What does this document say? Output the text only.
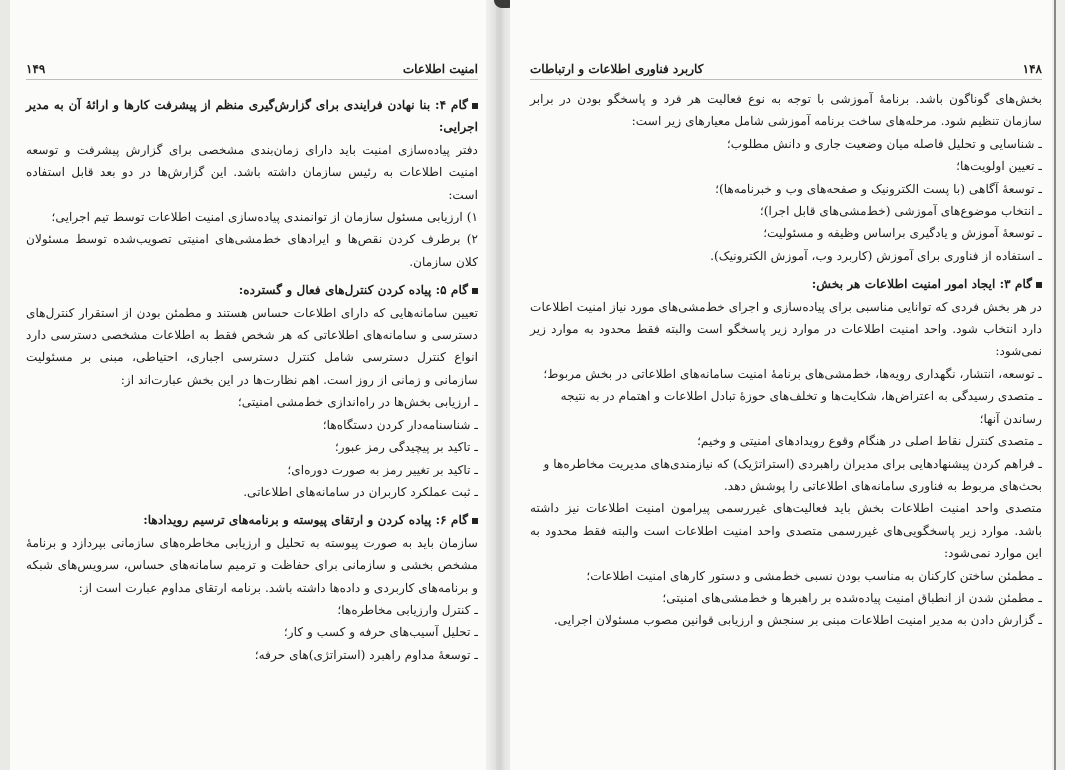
امنیت اطلاعات
۱۴۹

گام ۴: بنا نهادن فرایندی برای گزارش‌گیری منظم از پیشرفت کارها و ارائهٔ آن به مدیر اجرایی:

دفتر پیاده‌سازی امنیت باید دارای زمان‌بندی مشخصی برای گزارش پیشرفت و توسعه امنیت اطلاعات به رئیس سازمان داشته باشد. این گزارش‌ها در دو بعد قابل استفاده است:

۱) ارزیابی مسئول سازمان از توانمندی پیاده‌سازی امنیت اطلاعات توسط تیم اجرایی؛

۲) برطرف کردن نقص‌ها و ایرادهای خط‌مشی‌های امنیتی تصویب‌شده توسط مسئولان کلان سازمان.

گام ۵: پیاده کردن کنترل‌های فعال و گسترده:

تعیین سامانه‌هایی که دارای اطلاعات حساس هستند و مطمئن بودن از استقرار کنترل‌های دسترسی و سامانه‌های اطلاعاتی که هر شخص فقط به اطلاعات مشخصی دسترسی دارد انواع کنترل دسترسی شامل کنترل دسترسی اجباری، احتیاطی، مبنی بر مسئولیت سازمانی و زمانی از روز است. اهم نظارت‌ها در این بخش عبارت‌اند از:

ـ ارزیابی بخش‌ها در راه‌اندازی خط‌مشی امنیتی؛

ـ شناسنامه‌دار کردن دستگاه‌ها؛

ـ تاکید بر پیچیدگی رمز عبور؛

ـ تاکید بر تغییر رمز به صورت دوره‌ای؛

ـ ثبت عملکرد کاربران در سامانه‌های اطلاعاتی.

گام ۶: پیاده کردن و ارتقای پیوسته و برنامه‌های ترسیم رویدادها:

سازمان باید به صورت پیوسته به تحلیل و ارزیابی مخاطره‌های سازمانی بپردازد و برنامهٔ مشخص بخشی و سازمانی برای حفاظت و ترمیم سامانه‌های حساس، سرویس‌های شبکه و برنامه‌های کاربردی و داده‌ها داشته باشد. برنامه ارتقای مداوم عبارت است از:

ـ کنترل وارزیابی مخاطره‌ها؛

ـ تحلیل آسیب‌های حرفه و کسب و کار؛

ـ توسعهٔ مداوم راهبرد (استراتژی)های حرفه؛

۱۴۸
کاربرد فناوری اطلاعات و ارتباطات

بخش‌های گوناگون باشد. برنامهٔ آموزشی با توجه به نوع فعالیت هر فرد و پاسخگو بودن در برابر سازمان تنظیم شود. مرحله‌های ساخت برنامه آموزشی شامل معیارهای زیر است:

ـ شناسایی و تحلیل فاصله میان وضعیت جاری و دانش مطلوب؛

ـ تعیین اولویت‌ها؛

ـ توسعهٔ آگاهی (با پست الکترونیک و صفحه‌های وب و خبرنامه‌ها)؛

ـ انتخاب موضوع‌های آموزشی (خط‌مشی‌های قابل اجرا)؛

ـ توسعهٔ آموزش و یادگیری براساس وظیفه و مسئولیت؛

ـ استفاده از فناوری برای آموزش (کاربرد وب، آموزش الکترونیک).

گام ۳: ایجاد امور امنیت اطلاعات هر بخش:

در هر بخش فردی که توانایی مناسبی برای پیاده‌سازی و اجرای خط‌مشی‌های مورد نیاز امنیت اطلاعات دارد انتخاب شود. واحد امنیت اطلاعات در موارد زیر پاسخگو است والبته فقط محدود به موارد زیر نمی‌شود:

ـ توسعه، انتشار، نگهداری رویه‌ها، خط‌مشی‌های برنامهٔ امنیت سامانه‌های اطلاعاتی در بخش مربوط؛

ـ متصدی رسیدگی به اعتراض‌ها، شکایت‌ها و تخلف‌های حوزهٔ تبادل اطلاعات و اهتمام در به نتیجه رساندن آنها؛

ـ متصدی کنترل نقاط اصلی در هنگام وقوع رویدادهای امنیتی و وخیم؛

ـ فراهم کردن پیشنهادهایی برای مدیران راهبردی (استراتژیک) که نیازمندی‌های مدیریت مخاطره‌ها و بحث‌های مربوط به فناوری سامانه‌های اطلاعاتی را پوشش دهد.

متصدی واحد امنیت اطلاعات بخش باید فعالیت‌های غیررسمی پیرامون امنیت اطلاعات نیز داشته باشد. موارد زیر پاسخگویی‌های غیررسمی متصدی واحد امنیت اطلاعات است والبته فقط محدود به این موارد نمی‌شود:

ـ مطمئن ساختن کارکنان به مناسب بودن نسبی خط‌مشی و دستور کارهای امنیت اطلاعات؛

ـ مطمئن شدن از انطباق امنیت پیاده‌شده بر راهبرها و خط‌مشی‌های امنیتی؛

ـ گزارش دادن به مدیر امنیت اطلاعات مبنی بر سنجش و ارزیابی قوانین مصوب مسئولان اجرایی.
